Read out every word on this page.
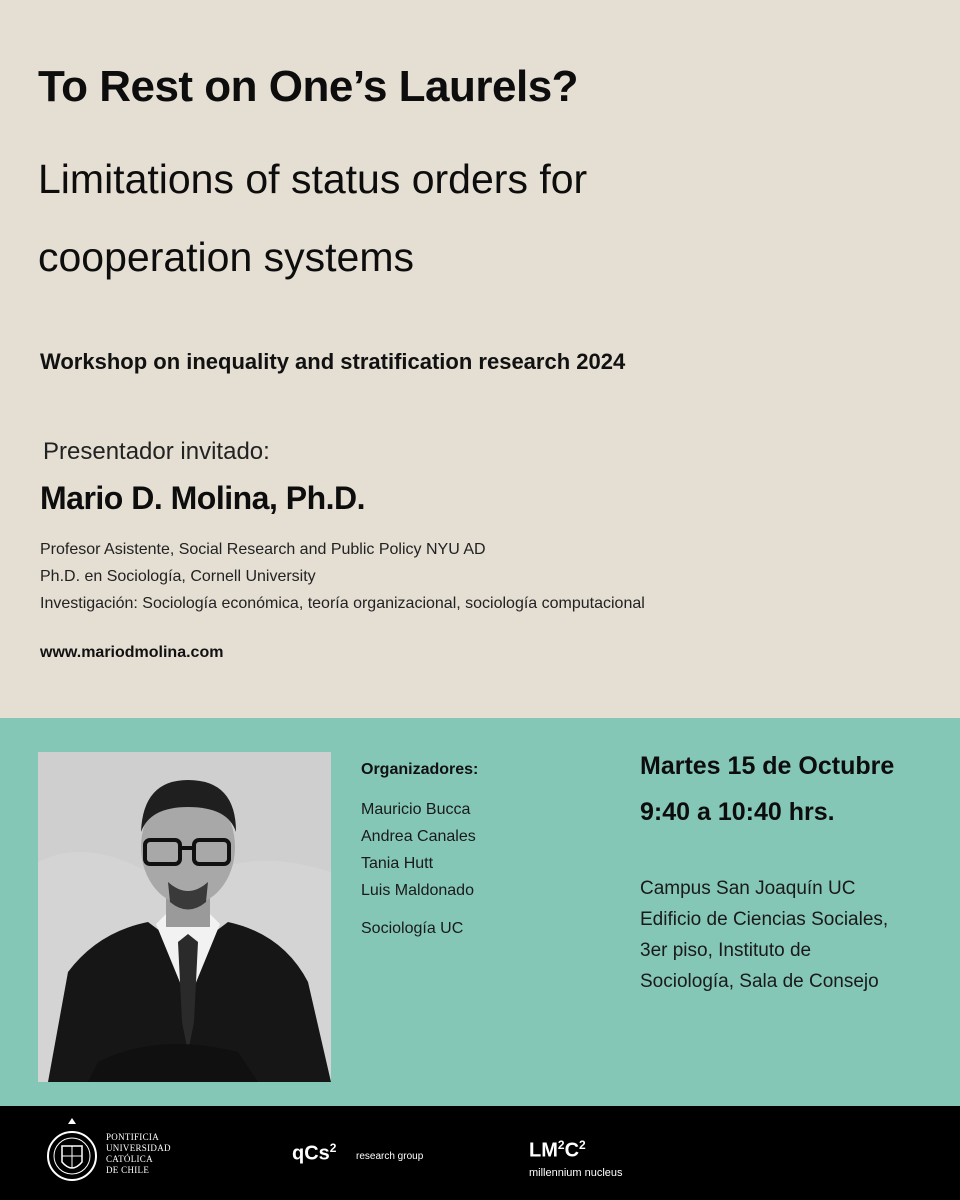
To Rest on One’s Laurels?
Limitations of status orders for cooperation systems
Workshop on inequality and stratification research 2024
Presentador invitado:
Mario D. Molina, Ph.D.
Profesor Asistente, Social Research and Public Policy NYU AD
Ph.D. en Sociología, Cornell University
Investigación: Sociología económica, teoría organizacional, sociología computacional
www.mariodmolina.com
Organizadores:
Mauricio Bucca
Andrea Canales
Tania Hutt
Luis Maldonado
Sociología UC
Martes 15 de Octubre
9:40 a 10:40 hrs.
Campus San Joaquín UC
Edificio de Ciencias Sociales,
3er piso, Instituto de
Sociología, Sala de Consejo
PONTIFICIA
UNIVERSIDAD
CATÓLICA
DE CHILE
qCs$^2$
research group	$LM^2C^2$
millennium nucleus
